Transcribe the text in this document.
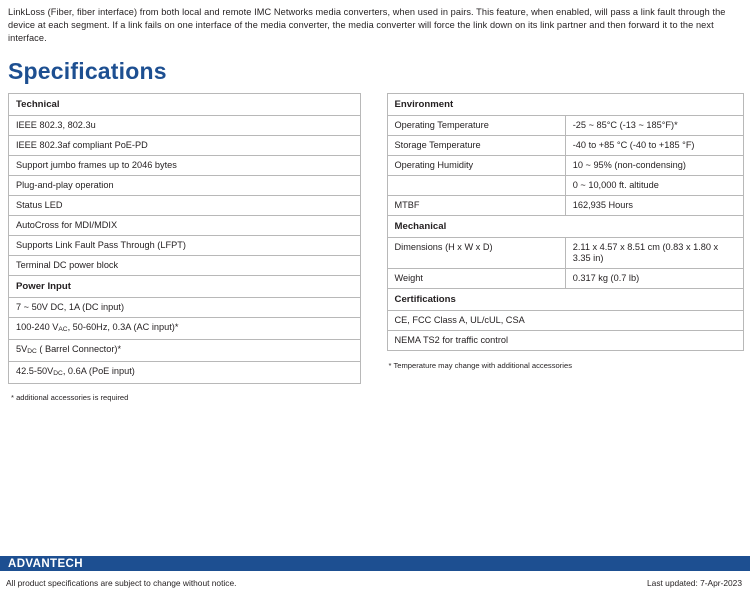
LinkLoss (Fiber, fiber interface) from both local and remote IMC Networks media converters, when used in pairs. This feature, when enabled, will pass a link fault through the device at each segment. If a link fails on one interface of the media converter, the media converter will force the link down on its link partner and then forward it to the next interface.

Specifications
Technical
IEEE 802.3, 802.3u
IEEE 802.3af compliant PoE-PD
Support jumbo frames up to 2046 bytes
Plug-and-play operation
Status LED
AutoCross for MDI/MDIX
Supports Link Fault Pass Through (LFPT)
Terminal DC power block
Power Input
7 ~ 50V DC, 1A (DC input)
100-240 VAC, 50-60Hz, 0.3A (AC input)*
5VDC ( Barrel Connector)*
42.5-50VDC, 0.6A (PoE input)
* additional accessories is required
Environment	
Operating Temperature	-25 ~ 85°C (-13 ~ 185°F)*
Storage Temperature	-40 to +85 °C (-40 to +185 °F)
Operating Humidity	10 ~ 95% (non-condensing)
	0 ~ 10,000 ft. altitude
MTBF	162,935 Hours
Mechanical	
Dimensions (H x W x D)	2.11 x 4.57 x 8.51 cm (0.83 x 1.80 x 3.35 in)
Weight	0.317 kg (0.7 lb)
Certifications	
CE, FCC Class A, UL/cUL, CSA	
NEMA TS2 for traffic control	
* Temperature may change with additional accessories
ADVANTECH
All product specifications are subject to change without notice.	Last updated: 7-Apr-2023
